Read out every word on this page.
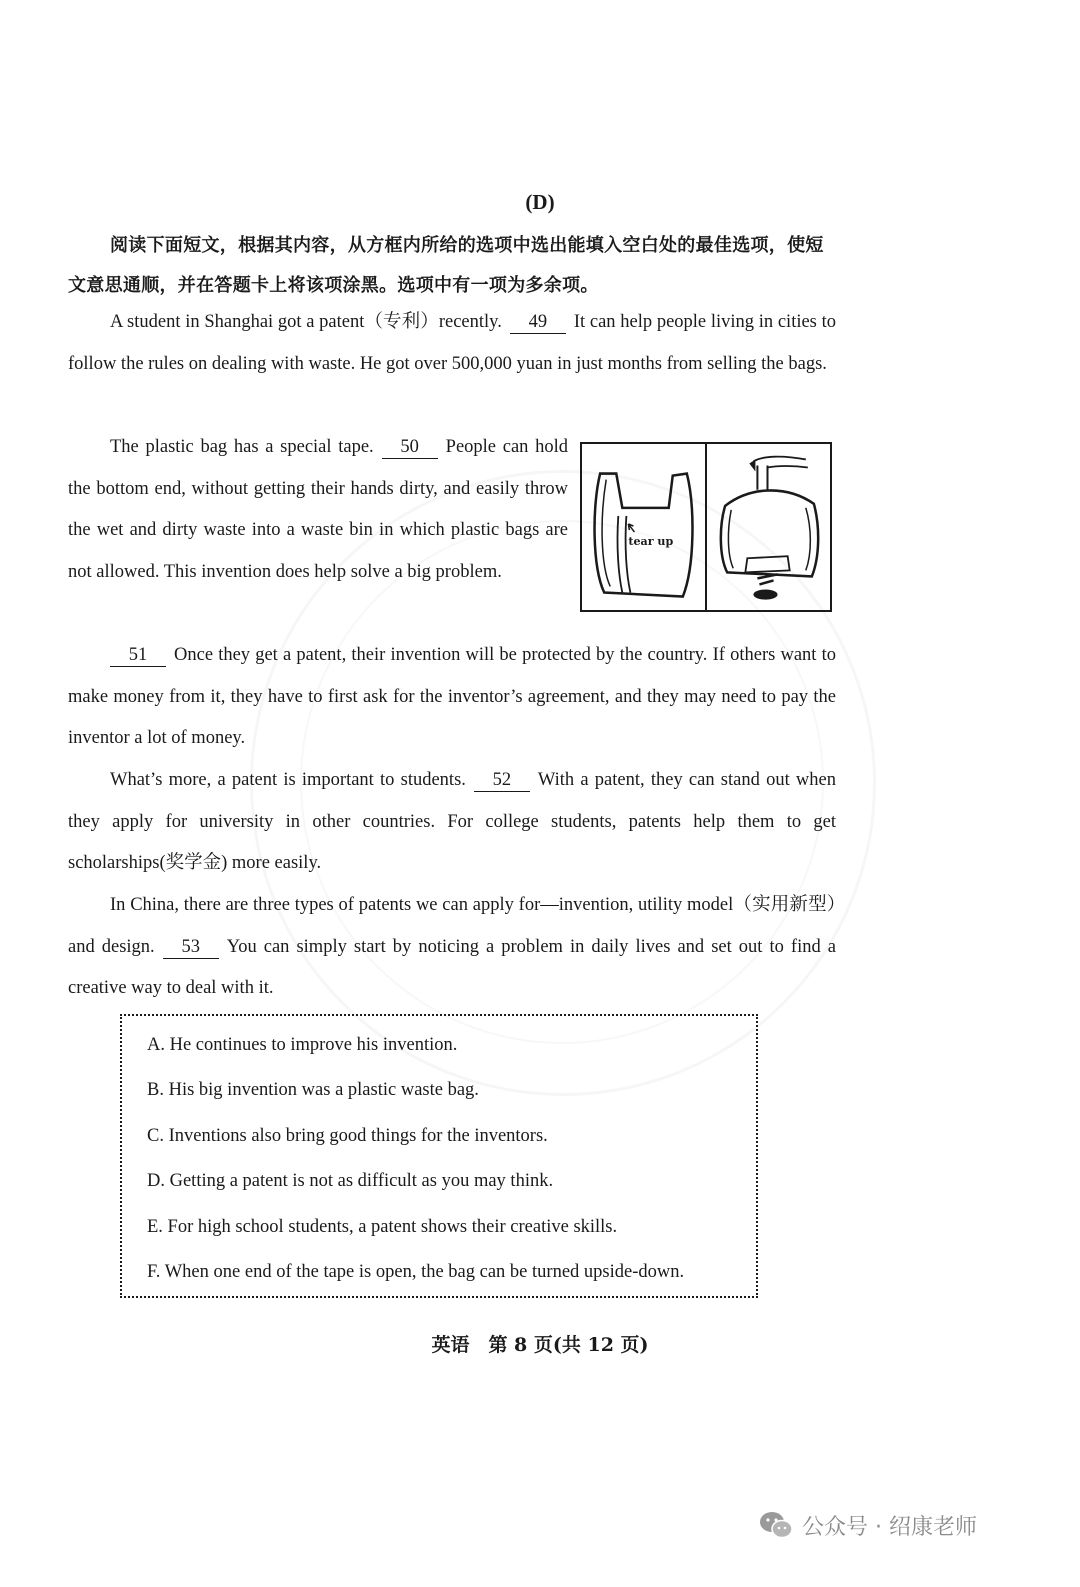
(D)
阅读下面短文，根据其内容，从方框内所给的选项中选出能填入空白处的最佳选项，使短文意思通顺，并在答题卡上将该项涂黑。选项中有一项为多余项。
A student in Shanghai got a patent（专利）recently. 49 It can help people living in cities to follow the rules on dealing with waste. He got over 500,000 yuan in just months from selling the bags.
The plastic bag has a special tape. 50 People can hold the bottom end, without getting their hands dirty, and easily throw the wet and dirty waste into a waste bin in which plastic bags are not allowed. This invention does help solve a big problem.
tear up
51 Once they get a patent, their invention will be protected by the country. If others want to make money from it, they have to first ask for the inventor’s agreement, and they may need to pay the inventor a lot of money.
What’s more, a patent is important to students. 52 With a patent, they can stand out when they apply for university in other countries. For college students, patents help them to get scholarships(奖学金) more easily.
In China, there are three types of patents we can apply for—invention, utility model（实用新型）and design. 53 You can simply start by noticing a problem in daily lives and set out to find a creative way to deal with it.
A. He continues to improve his invention.
B. His big invention was a plastic waste bag.
C. Inventions also bring good things for the inventors.
D. Getting a patent is not as difficult as you may think.
E. For high school students, a patent shows their creative skills.
F. When one end of the tape is open, the bag can be turned upside-down.
英语　第 8 页(共 12 页)
公众号 · 绍康老师
